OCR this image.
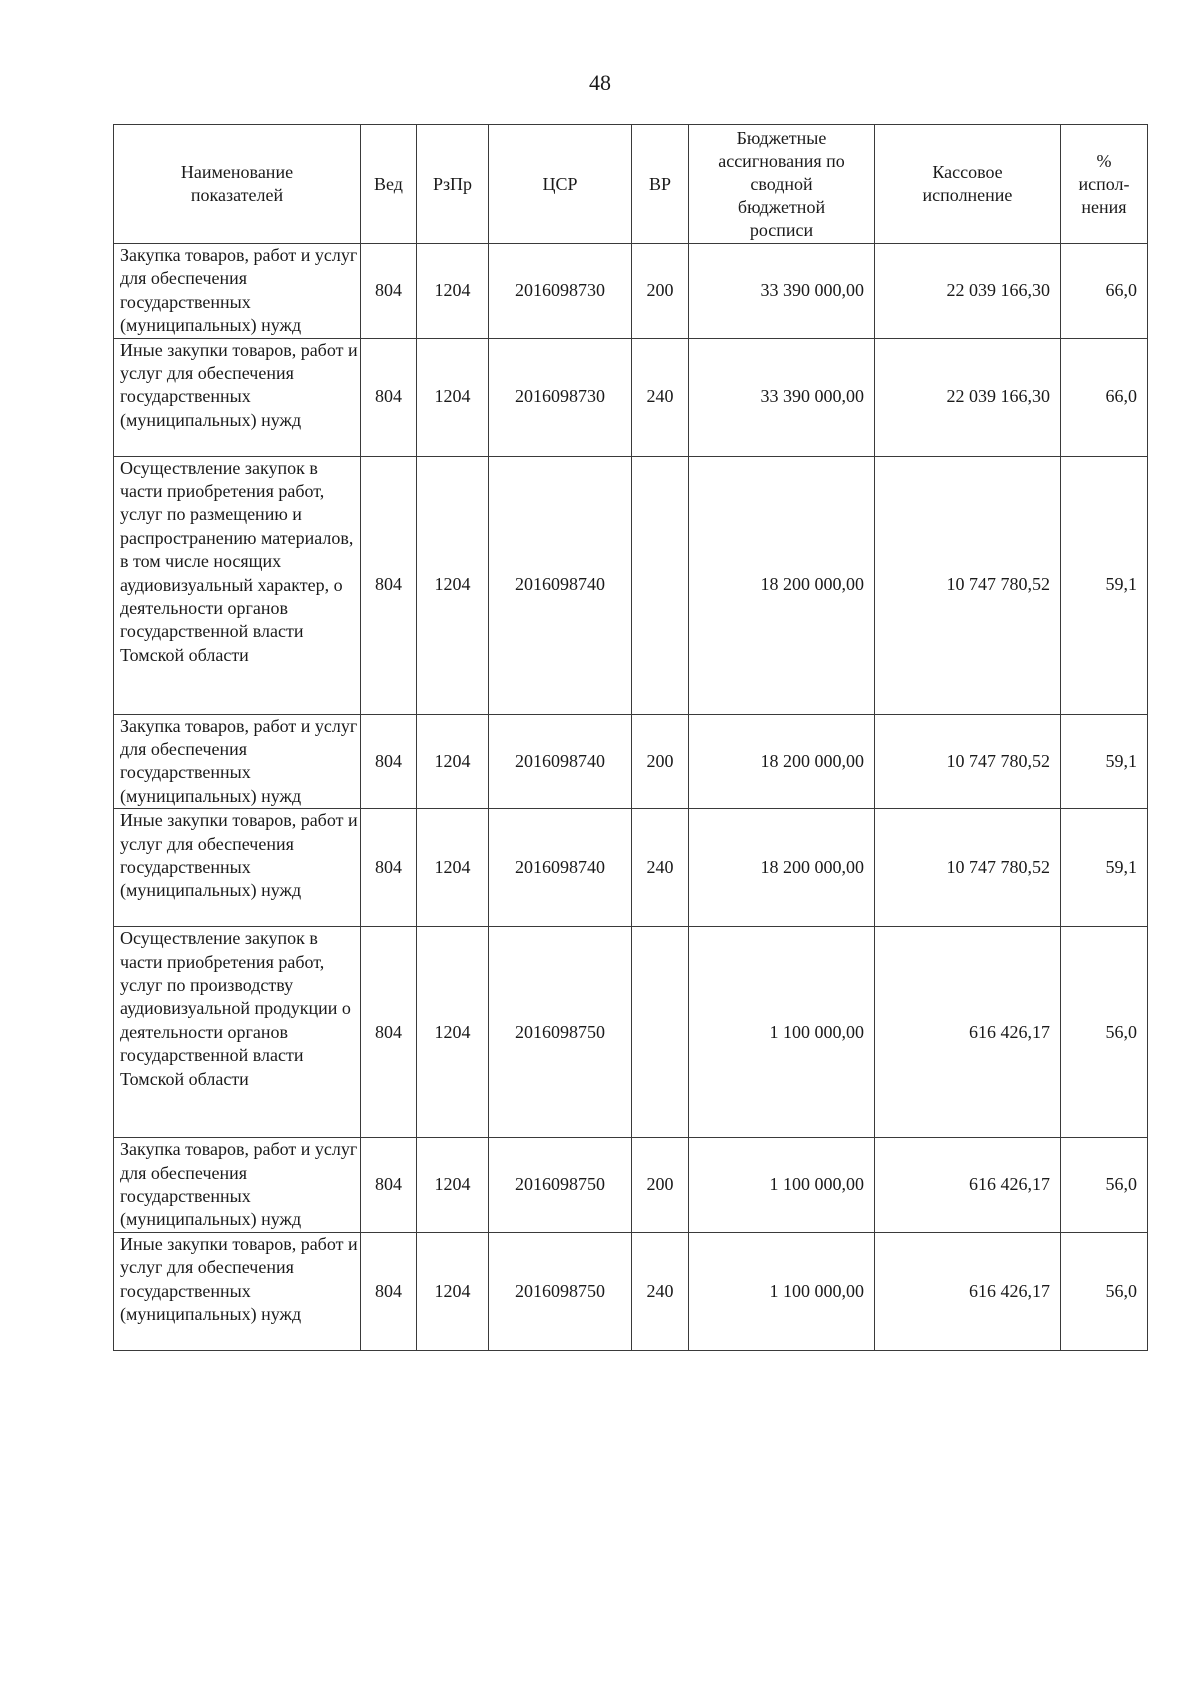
48
Наименование показателей	Вед	РзПр	ЦСР	ВР	Бюджетные ассигнования по сводной бюджетной росписи	Кассовое исполнение	% испол-нения
Закупка товаров, работ и услуг для обеспечения государственных (муниципальных) нужд	804	1204	2016098730	200	33 390 000,00	22 039 166,30	66,0
Иные закупки товаров, работ и услуг для обеспечения государственных (муниципальных) нужд	804	1204	2016098730	240	33 390 000,00	22 039 166,30	66,0
Осуществление закупок в части приобретения работ, услуг по размещению и распространению материалов, в том числе носящих аудиовизуальный характер, о деятельности органов государственной власти Томской области	804	1204	2016098740		18 200 000,00	10 747 780,52	59,1
Закупка товаров, работ и услуг для обеспечения государственных (муниципальных) нужд	804	1204	2016098740	200	18 200 000,00	10 747 780,52	59,1
Иные закупки товаров, работ и услуг для обеспечения государственных (муниципальных) нужд	804	1204	2016098740	240	18 200 000,00	10 747 780,52	59,1
Осуществление закупок в части приобретения работ, услуг по производству аудиовизуальной продукции о деятельности органов государственной власти Томской области	804	1204	2016098750		1 100 000,00	616 426,17	56,0
Закупка товаров, работ и услуг для обеспечения государственных (муниципальных) нужд	804	1204	2016098750	200	1 100 000,00	616 426,17	56,0
Иные закупки товаров, работ и услуг для обеспечения государственных (муниципальных) нужд	804	1204	2016098750	240	1 100 000,00	616 426,17	56,0
